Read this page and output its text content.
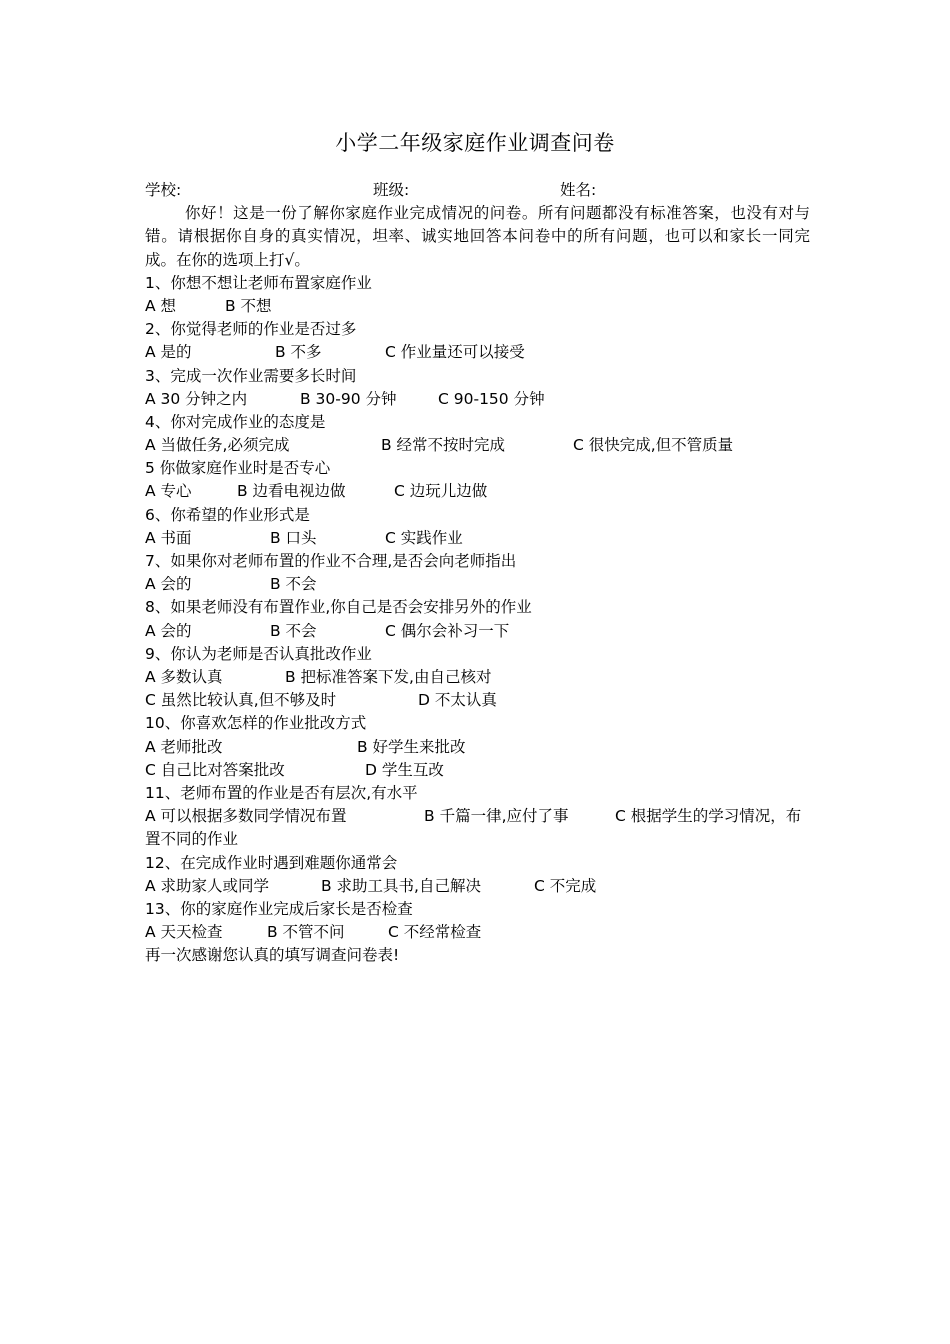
小学二年级家庭作业调查问卷
学校:	班级:	姓名:
你好！这是一份了解你家庭作业完成情况的问卷。所有问题都没有标准答案，也没有对与错。请根据你自身的真实情况，坦率、诚实地回答本问卷中的所有问题，也可以和家长一同完成。在你的选项上打√。
1、你想不想让老师布置家庭作业
A 想	B 不想
2、你觉得老师的作业是否过多
A 是的	B 不多	C 作业量还可以接受
3、完成一次作业需要多长时间
A 30 分钟之内	B 30-90 分钟	C 90-150 分钟
4、你对完成作业的态度是
A 当做任务,必须完成	B 经常不按时完成	C 很快完成,但不管质量
5 你做家庭作业时是否专心
A 专心	B 边看电视边做	C 边玩儿边做
6、你希望的作业形式是
A 书面	B 口头	C 实践作业
7、如果你对老师布置的作业不合理,是否会向老师指出
A 会的	B 不会
8、如果老师没有布置作业,你自己是否会安排另外的作业
A 会的	B 不会	C 偶尔会补习一下
9、你认为老师是否认真批改作业
A 多数认真	B 把标准答案下发,由自己核对
C 虽然比较认真,但不够及时	D 不太认真
10、你喜欢怎样的作业批改方式
A 老师批改	B 好学生来批改
C 自己比对答案批改	D 学生互改
11、老师布置的作业是否有层次,有水平
A 可以根据多数同学情况布置　　　　　B 千篇一律,应付了事　　　C 根据学生的学习情况，布置不同的作业
12、在完成作业时遇到难题你通常会
A 求助家人或同学	B 求助工具书,自己解决	C 不完成
13、你的家庭作业完成后家长是否检查
A 天天检查	B 不管不问	C 不经常检查
再一次感谢您认真的填写调查问卷表!
